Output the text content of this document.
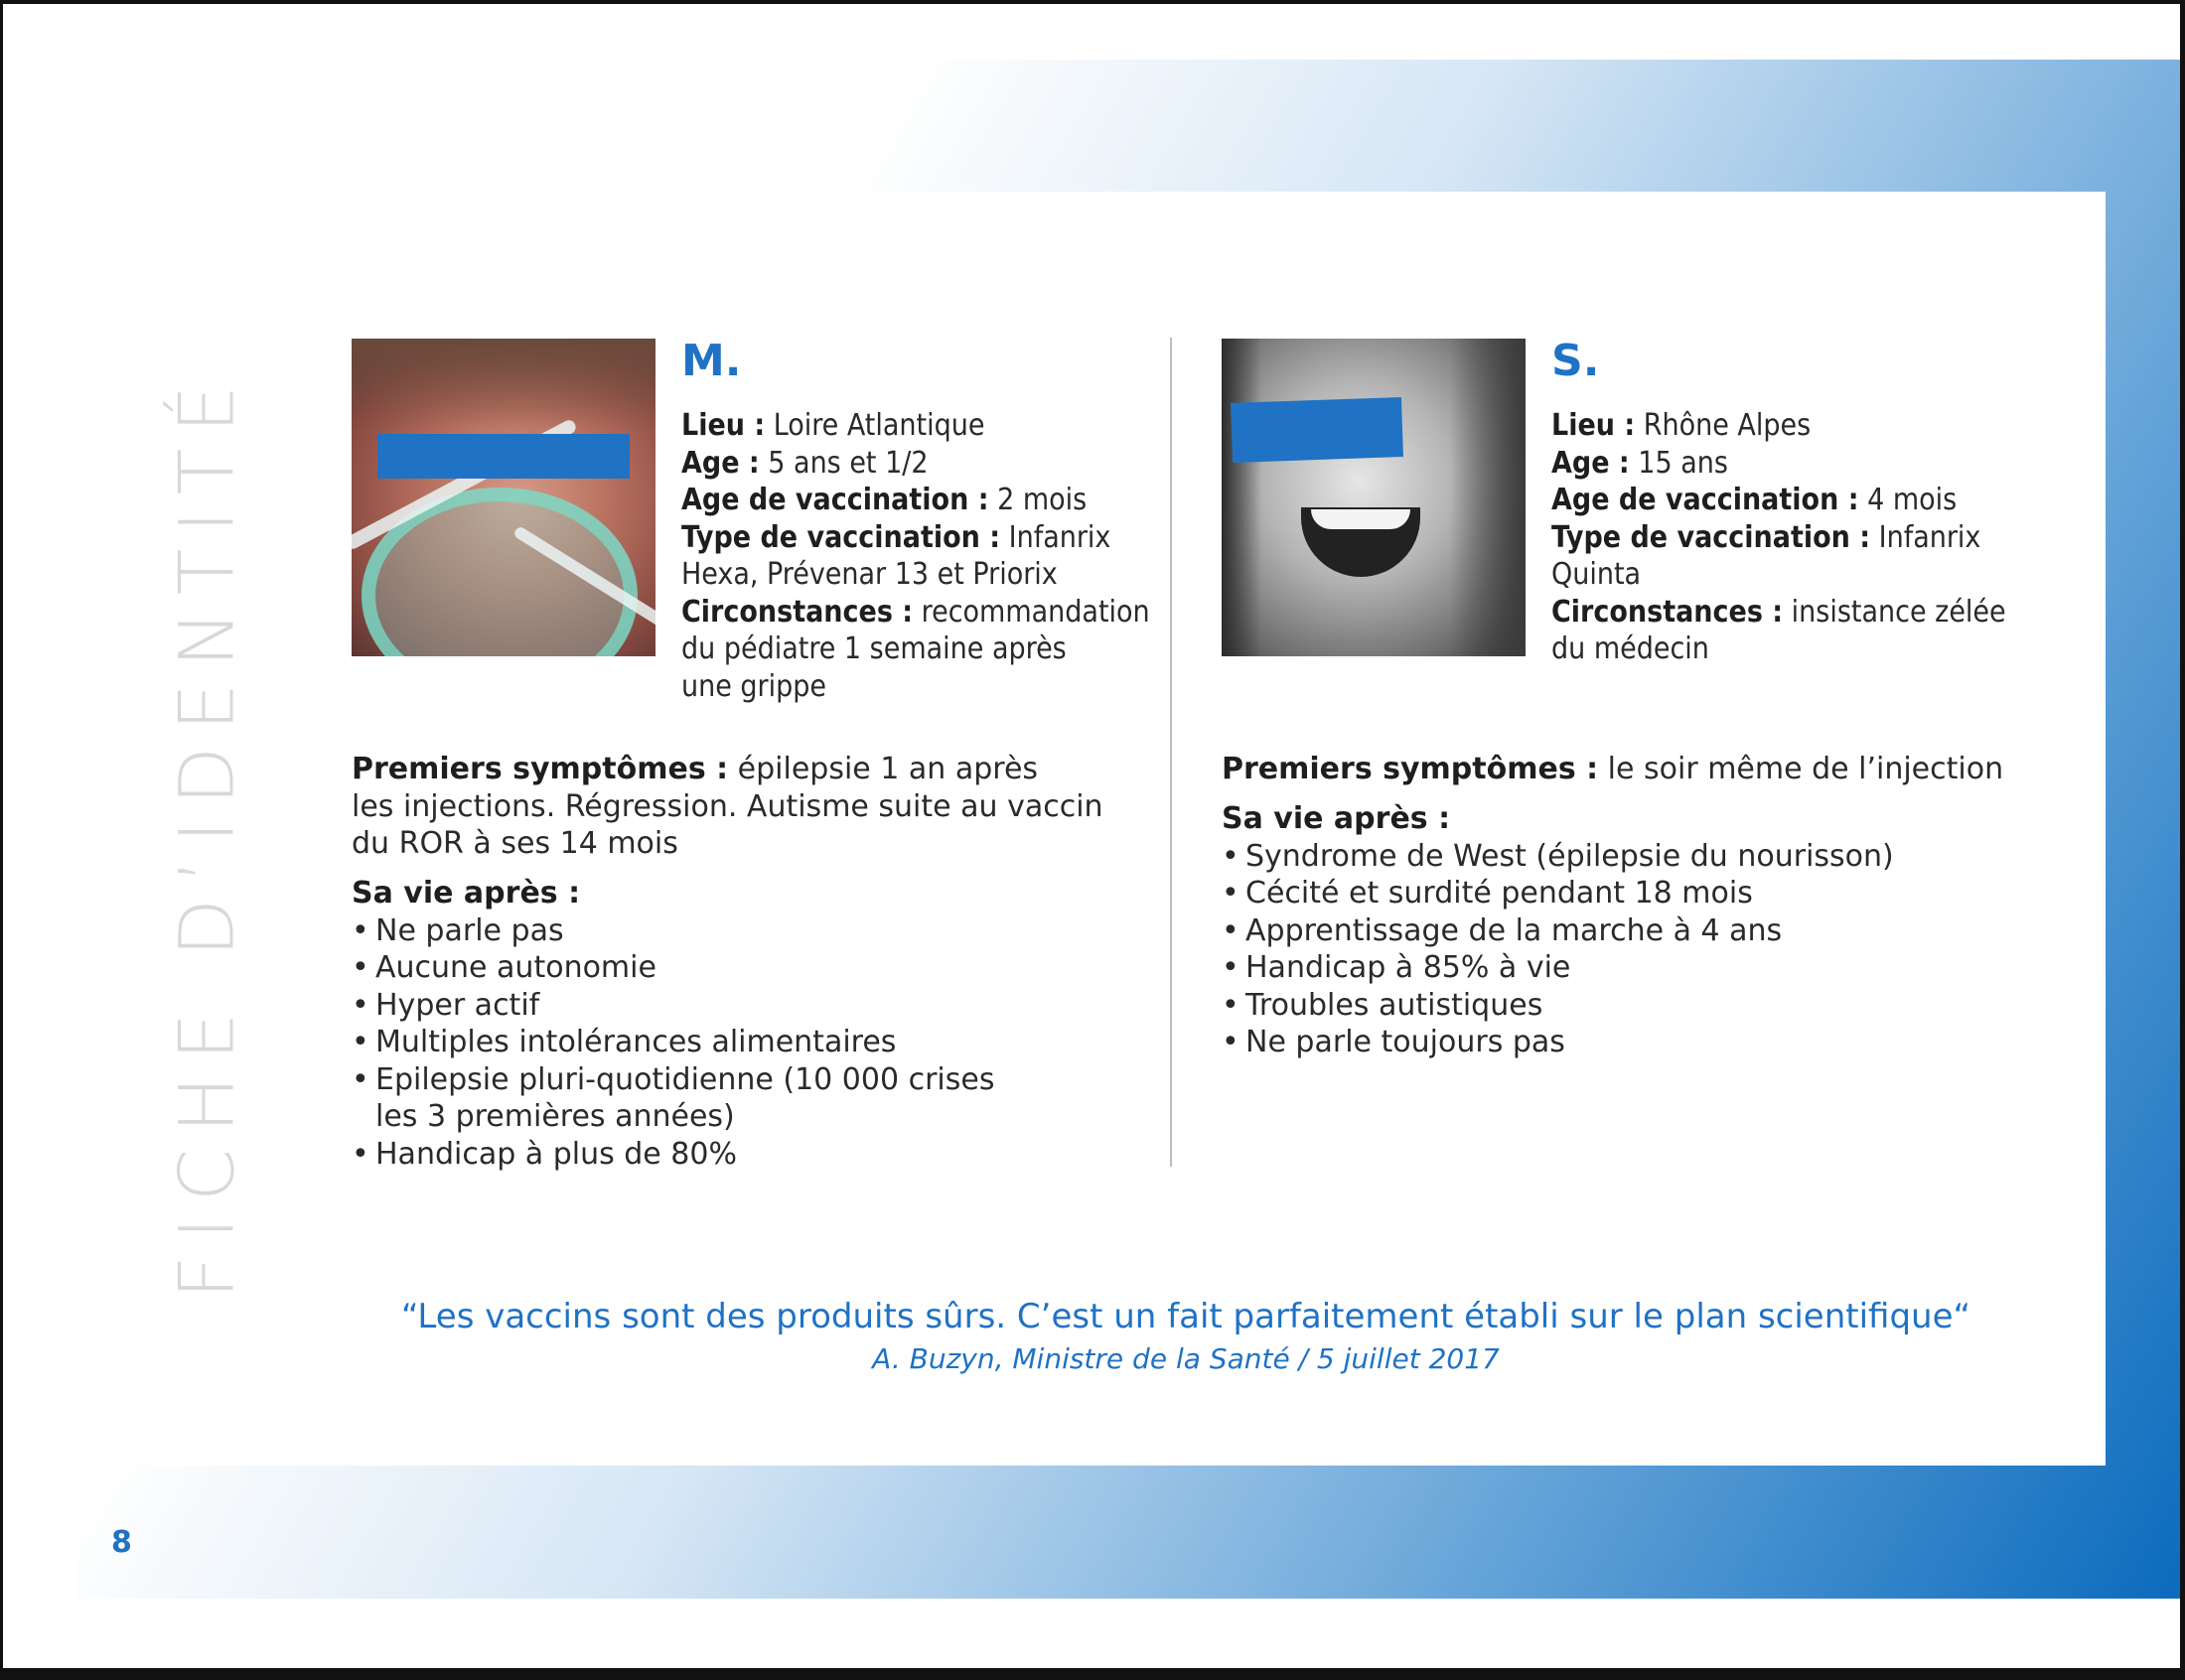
FICHE D’IDENTITÉ
M.
Lieu : Loire Atlantique
Age : 5 ans et 1/2
Age de vaccination : 2 mois
Type de vaccination : Infanrix
Hexa, Prévenar 13 et Priorix
Circonstances : recommandation
du pédiatre 1 semaine après
une grippe
Premiers symptômes : épilepsie 1 an après
les injections. Régression. Autisme suite au vaccin
du ROR à ses 14 mois
Sa vie après :
• Ne parle pas
• Aucune autonomie
• Hyper actif
• Multiples intolérances alimentaires
• Epilepsie pluri-quotidienne (10 000 crises
les 3 premières années)
• Handicap à plus de 80%
S.
Lieu : Rhône Alpes
Age : 15 ans
Age de vaccination : 4 mois
Type de vaccination : Infanrix Quinta
Circonstances : insistance zélée
du médecin
Premiers symptômes : le soir même de l’injection
Sa vie après :
• Syndrome de West (épilepsie du nourisson)
• Cécité et surdité pendant 18 mois
• Apprentissage de la marche à 4 ans
• Handicap à 85% à vie
• Troubles autistiques
• Ne parle toujours pas
“Les vaccins sont des produits sûrs. C’est un fait parfaitement établi sur le plan scientifique“
A. Buzyn, Ministre de la Santé / 5 juillet 2017
8
